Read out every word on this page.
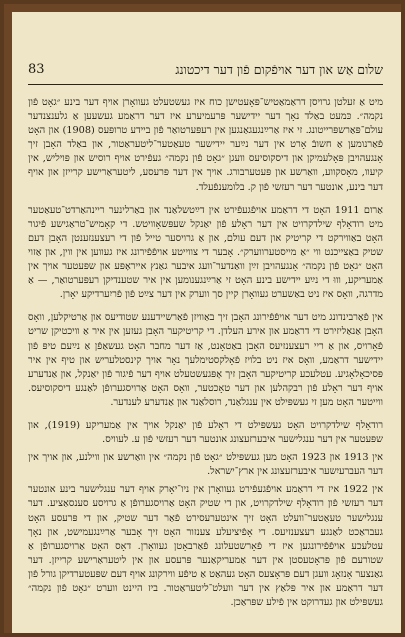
83	שלום אַש און דער אויפֿקום פֿון דער דיכטונג

מיט אַ זעלטן גרויסן דראַמאַטיש־פּאָעטישן כוח איז געשטעלט געוואָרן אויף דער בינע ״גאָט פֿון נקמה״. כּמעט באַלד נאָך דער יידישער פּרעמיערע איז דער דראַמע געשעען אַ גלענצנדער עולם־פּאַרשפּרייטונג. זי איז אַרײַנגעגאַנגען אין רעפּערטואַר פֿון ביידע טרופּעס (1908) און האָט פֿאַרנומען אַ חשובֿ אָרט אין דער נײַער יידישער טעאַטער־ליטעראַטור, און באַלד האָבן זיך אָנגעהויבן פּאָלעמיקן און דיסקוסיעס וועגן ״גאָט פֿון נקמה״ געפֿירט אויף רוסיש און פּויליש, אין קיעוו, מאָסקווע, וואַרשע און פּעטערבורג. אויך אין דער פּרעסע, ליטעראַרישע קרייזן און אויף דער בינע, אונטער דער רעזשי פֿון ק. בלומענפֿעלד.

אַרום 1911 האָט די דראַמע אויפֿגעפֿירט אין דײַטשלאַנד און באַרלינער ריינהאַרדט־טעאַטער מיט רודאָלף שילדקרויט אין דער ראָלע פֿון יאַנקל שעפּשאָוויטש. די קאָמיש־טראַגישע פֿיגור האָט באַווירקט די קריטיק און דעם עולם, און אַ גרויסער טייל פֿון די רעצענזענטן האָבן דעם שטיק באַצייכנט ווי ״אַ מייסטערווערק״. אָבער די צווייטע אויפֿפֿירונג איז געווען אין ווין, און אַזוי האָט ״גאָט פֿון נקמה״ אָנגעהויבן זײַן וואַנדער־וועג איבער גאַנץ אייראָפּע און שפּעטער אויך אין אַמעריקע, וווּ די נײַע יידישע בינע האָט זי אַרײַנגענומען אין איר שטענדיקן רעפּערטואַר, — אַ מדרגה, וואָס איז ניט באַשערט געוואָרן קיין סך ווערק אין דער צײַט פֿון פֿריִערדיקע יאָרן.

אין פֿאַרבינדונג מיט דער אויפֿפֿירונג האָבן זיך באַוויזן פֿאַרשיידענע שטודיעס און אַרטיקלען, וואָס האָבן אַנאַליזירט די דראַמע און אירע העלדן. די קריטיקער האָבן געזען אין איר אַ וויכטיקן שריט פֿאָרויס, און אַ ריי רעצענזיעס האָבן באַטאָנט, אַז דער מחבר האָט געשאַפֿן אַ נײַעם טיפּ פֿון יידישער דראַמע, וואָס איז ניט בלויז פֿאָלקסטימלעך נאָר אויך קינסטלעריש און טיף אין איר פּסיכאָלאָגיע. עטלעכע קריטיקער האָבן זיך אָפּגעשטעלט אויף דער פֿיגור פֿון יאַנקל, און אַנדערע אויף דער ראָלע פֿון רבקהלען און דער טאָכטער, וואָס האָט אַרויסגערופֿן לאַנגע דיסקוסיעס. ווייטער האָט מען זי געשפּילט אין ענגלאַנד, רוסלאַנד און אַנדערע לענדער.

רודאָלף שילדקרויט האָט געשפּילט די ראָלע פֿון יאַנקל אויך אין אַמעריקע (1919), און שפּעטער אין דער ענגלישער איבערזעצונג אונטער דער רעזשי פֿון ע. לעוויס.

אין 1913 און 1923 האָט מען געשפּילט ״גאָט פֿון נקמה״ אין וואַרשע און ווילנע, און אויך אין דער העברעיִשער איבערזעצונג אין ארץ־ישראל.

אין 1922 איז די דראַמע אויפֿגעפֿירט געוואָרן אין ניו־יאָרק אויף דער ענגלישער בינע אונטער דער רעזשי פֿון רודאָלף שילדקרויט, און די שטיק האָט אַרויסגערופֿן אַ גרויסע סענסאַציע. דער ענגלישער טעאַטער־וועלט האָט זיך אינטערעסירט פֿאַר דער שטיק, און די פּרעסע האָט געבראַכט לאַנגע רעצענזיעס. די אָפֿיציעלע צענזור האָט זיך אָבער אַרײַנגעמישט, און נאָך עטלעכע אויפֿפֿירונגען איז די פֿאָרשטעלונג פֿאַרבאָטן געוואָרן. דאָס האָט אַרויסגערופֿן אַ שטורעם פֿון פּראָטעסטן אין דער אַמעריקאַנער פּרעסע און אין ליטעראַרישע קרייזן. דער גאַנצער אָנזאָג וועגן דעם פּראָצעס האָט געהאַט אַ טיפֿע ווירקונג אויף דעם שפּעטערדיקן גורל פֿון דער דראַמע און איר פּלאַץ אין דער וועלט־ליטעראַטור. ביז היינט ווערט ״גאָט פֿון נקמה״ געשפּילט און געדרוקט אין פֿילע שפּראַכן.
